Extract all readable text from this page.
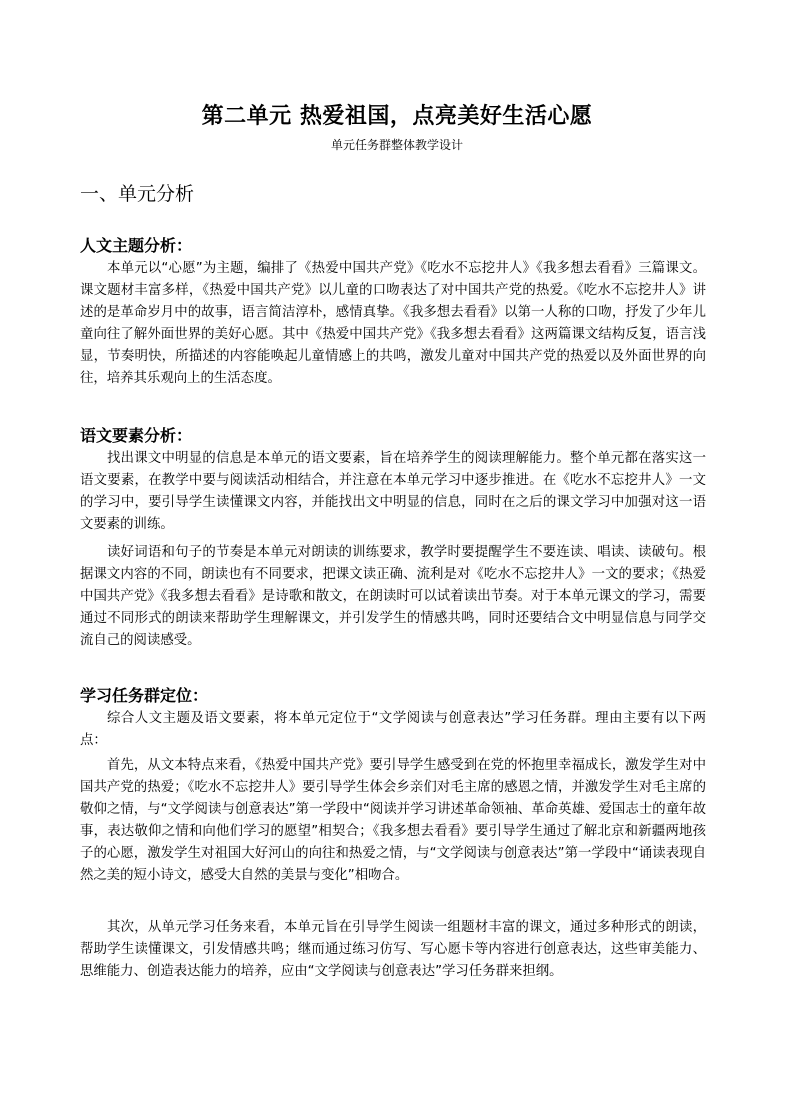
第二单元 热爱祖国，点亮美好生活心愿
单元任务群整体教学设计
一、单元分析
人文主题分析：

本单元以“心愿”为主题，编排了《热爱中国共产党》《吃水不忘挖井人》《我多想去看看》三篇课文。课文题材丰富多样，《热爱中国共产党》以儿童的口吻表达了对中国共产党的热爱。《吃水不忘挖井人》讲述的是革命岁月中的故事，语言简洁淳朴，感情真挚。《我多想去看看》以第一人称的口吻，抒发了少年儿童向往了解外面世界的美好心愿。其中《热爱中国共产党》《我多想去看看》这两篇课文结构反复，语言浅显，节奏明快，所描述的内容能唤起儿童情感上的共鸣，激发儿童对中国共产党的热爱以及外面世界的向往，培养其乐观向上的生活态度。

语文要素分析：

找出课文中明显的信息是本单元的语文要素，旨在培养学生的阅读理解能力。整个单元都在落实这一语文要素，在教学中要与阅读活动相结合，并注意在本单元学习中逐步推进。在《吃水不忘挖井人》一文的学习中，要引导学生读懂课文内容，并能找出文中明显的信息，同时在之后的课文学习中加强对这一语文要素的训练。

读好词语和句子的节奏是本单元对朗读的训练要求，教学时要提醒学生不要连读、唱读、读破句。根据课文内容的不同，朗读也有不同要求，把课文读正确、流利是对《吃水不忘挖井人》一文的要求；《热爱中国共产党》《我多想去看看》是诗歌和散文，在朗读时可以试着读出节奏。对于本单元课文的学习，需要通过不同形式的朗读来帮助学生理解课文，并引发学生的情感共鸣，同时还要结合文中明显信息与同学交流自己的阅读感受。

学习任务群定位：

综合人文主题及语文要素，将本单元定位于“文学阅读与创意表达”学习任务群。理由主要有以下两点：

首先，从文本特点来看，《热爱中国共产党》要引导学生感受到在党的怀抱里幸福成长，激发学生对中国共产党的热爱；《吃水不忘挖井人》要引导学生体会乡亲们对毛主席的感恩之情，并激发学生对毛主席的敬仰之情，与“文学阅读与创意表达”第一学段中“阅读并学习讲述革命领袖、革命英雄、爱国志士的童年故事，表达敬仰之情和向他们学习的愿望”相契合；《我多想去看看》要引导学生通过了解北京和新疆两地孩子的心愿，激发学生对祖国大好河山的向往和热爱之情，与“文学阅读与创意表达”第一学段中“诵读表现自然之美的短小诗文，感受大自然的美景与变化”相吻合。

其次，从单元学习任务来看，本单元旨在引导学生阅读一组题材丰富的课文，通过多种形式的朗读，帮助学生读懂课文，引发情感共鸣；继而通过练习仿写、写心愿卡等内容进行创意表达，这些审美能力、思维能力、创造表达能力的培养，应由“文学阅读与创意表达”学习任务群来担纲。
